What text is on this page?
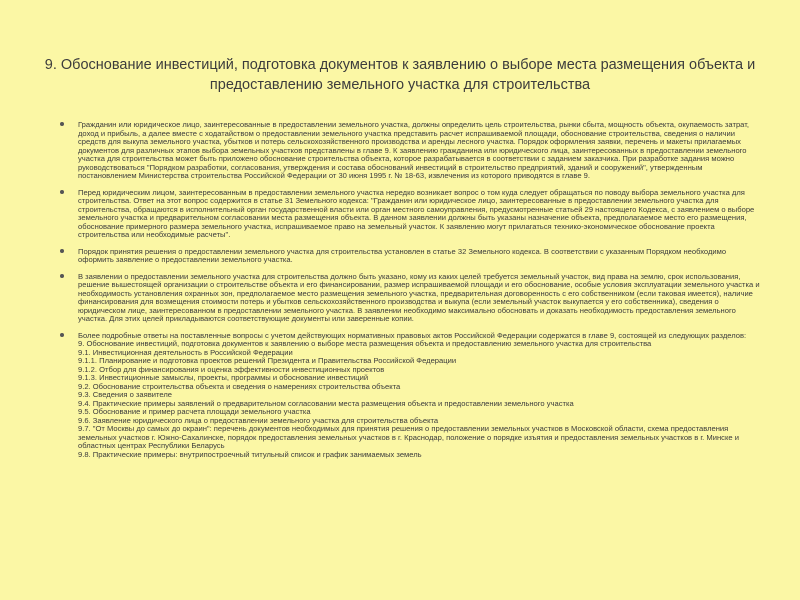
9. Обоснование инвестиций, подготовка документов к заявлению о выборе места размещения объекта и предоставлению земельного участка для строительства

Гражданин или юридическое лицо, заинтересованные в предоставлении земельного участка, должны определить цель строительства, рынки сбыта, мощность объекта, окупаемость затрат, доход и прибыль, а далее вместе с ходатайством о предоставлении земельного участка представить расчет испрашиваемой площади, обоснование строительства, сведения о наличии средств для выкупа земельного участка, убытков и потерь сельскохозяйственного производства и аренды лесного участка. Порядок оформления заявки, перечень и макеты прилагаемых документов для различных этапов выбора земельных участков представлены в главе 9. К заявлению гражданина или юридического лица, заинтересованных в предоставлении земельного участка для строительства может быть приложено обоснование строительства объекта, которое разрабатывается в соответствии с заданием заказчика. При разработке задания можно руководствоваться "Порядком разработки, согласования, утверждения и состава обоснований инвестиций в строительство предприятий, зданий и сооружений", утвержденным постановлением Министерства строительства Российской Федерации от 30 июня 1995 г. № 18-63, извлечения из которого приводятся в главе 9.

Перед юридическим лицом, заинтересованным в предоставлении земельного участка нередко возникает вопрос о том куда следует обращаться по поводу выбора земельного участка для строительства. Ответ на этот вопрос содержится в статье 31 Земельного кодекса: "Гражданин или юридическое лицо, заинтересованные в предоставлении земельного участка для строительства, обращаются в исполнительный орган государственной власти или орган местного самоуправления, предусмотренные статьей 29 настоящего Кодекса, с заявлением о выборе земельного участка и предварительном согласовании места размещения объекта. В данном заявлении должны быть указаны назначение объекта, предполагаемое место его размещения, обоснование примерного размера земельного участка, испрашиваемое право на земельный участок. К заявлению могут прилагаться технико-экономическое обоснование проекта строительства или необходимые расчеты".

Порядок принятия решения о предоставлении земельного участка для строительства установлен в статье 32 Земельного кодекса. В соответствии с указанным Порядком необходимо оформить заявление о предоставлении земельного участка.

В заявлении о предоставлении земельного участка для строительства должно быть указано, кому из каких целей требуется земельный участок, вид права на землю, срок использования, решение вышестоящей организации о строительстве объекта и его финансировании, размер испрашиваемой площади и его обоснование, особые условия эксплуатации земельного участка и необходимость установления охранных зон, предполагаемое место размещения земельного участка, предварительная договоренность с его собственником (если таковая имеется), наличие финансирования для возмещения стоимости потерь и убытков сельскохозяйственного производства и выкупа (если земельный участок выкупается у его собственника), сведения о юридическом лице, заинтересованном в предоставлении земельного участка. В заявлении необходимо максимально обосновать и доказать необходимость предоставления земельного участка. Для этих целей прикладываются соответствующие документы или заверенные копии.

Более подробные ответы на поставленные вопросы с учетом действующих нормативных правовых актов Российской Федерации содержатся в главе 9, состоящей из следующих разделов:

9. Обоснование инвестиций, подготовка документов к заявлению о выборе места размещения объекта и предоставлению земельного участка для строительства
9.1. Инвестиционная деятельность в Российской Федерации
9.1.1. Планирование и подготовка проектов решений Президента и Правительства Российской Федерации
9.1.2. Отбор для финансирования и оценка эффективности инвестиционных проектов
9.1.3. Инвестиционные замыслы, проекты, программы и обоснование инвестиций
9.2. Обоснование строительства объекта и сведения о намерениях строительства объекта
9.3. Сведения о заявителе
9.4. Практические примеры заявлений о предварительном согласовании места размещения объекта и предоставлении земельного участка
9.5. Обоснование и пример расчета площади земельного участка
9.6. Заявление юридического лица о предоставлении земельного участка для строительства объекта
9.7. "От Москвы до самых до окраин": перечень документов необходимых для принятия решения о предоставлении земельных участков в Московской области, схема предоставления земельных участков г. Южно-Сахалинске, порядок предоставления земельных участков в г. Краснодар, положение о порядке изъятия и предоставления земельных участков в г. Минске и областных центрах Республики Беларусь
9.8. Практические примеры: внутрипостроечный титульный список и график занимаемых земель
